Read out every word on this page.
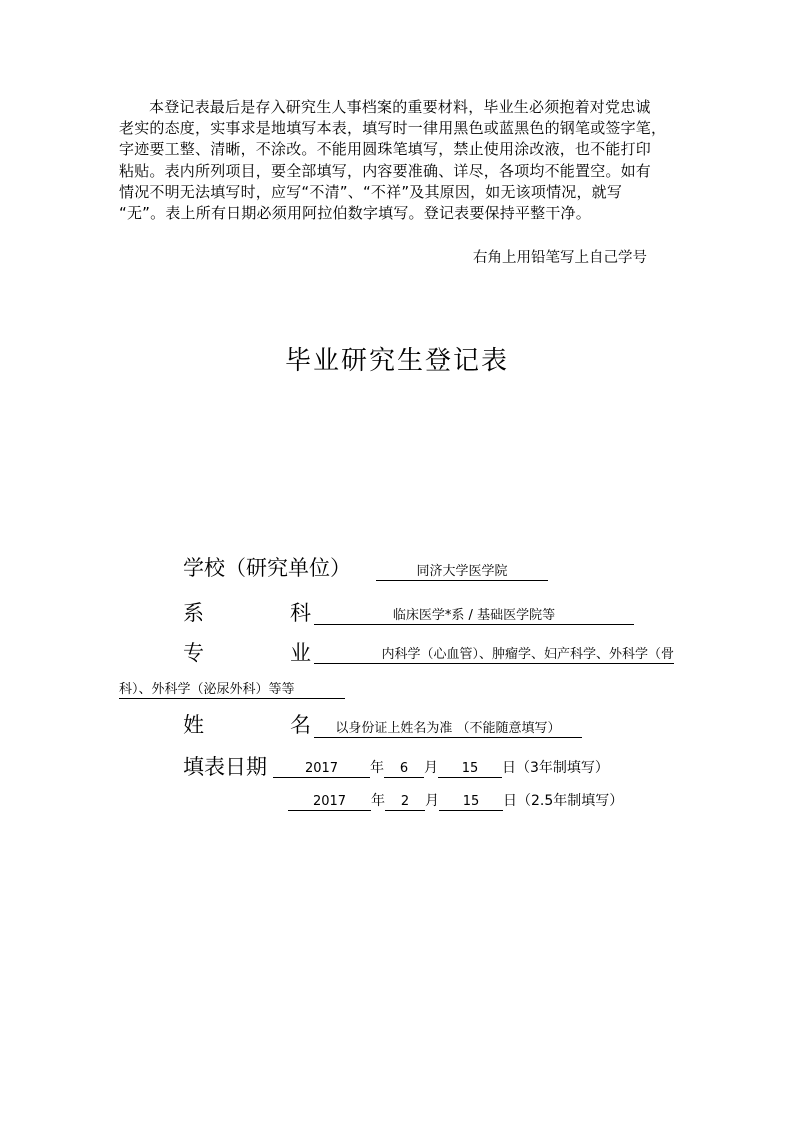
本登记表最后是存入研究生人事档案的重要材料，毕业生必须抱着对党忠诚
老实的态度，实事求是地填写本表，填写时一律用黑色或蓝黑色的钢笔或签字笔，
字迹要工整、清晰，不涂改。不能用圆珠笔填写，禁止使用涂改液，也不能打印
粘贴。表内所列项目，要全部填写，内容要准确、详尽，各项均不能置空。如有
情况不明无法填写时，应写“不清”、“不祥”及其原因，如无该项情况，就写
“无”。表上所有日期必须用阿拉伯数字填写。登记表要保持平整干净。
右角上用铅笔写上自己学号
毕业研究生登记表
学校（研究单位）	同济大学医学院
系	科	临床医学*系 / 基础医学院等
专	业	内科学（心血管）、肿瘤学、妇产科学、外科学（骨
科）、外科学（泌尿外科）等等
姓	名	以身份证上姓名为准 （不能随意填写）
填表日期	2017 年 6 月 15 日（3年制填写）
2017 年 2 月 15 日（2.5年制填写）
